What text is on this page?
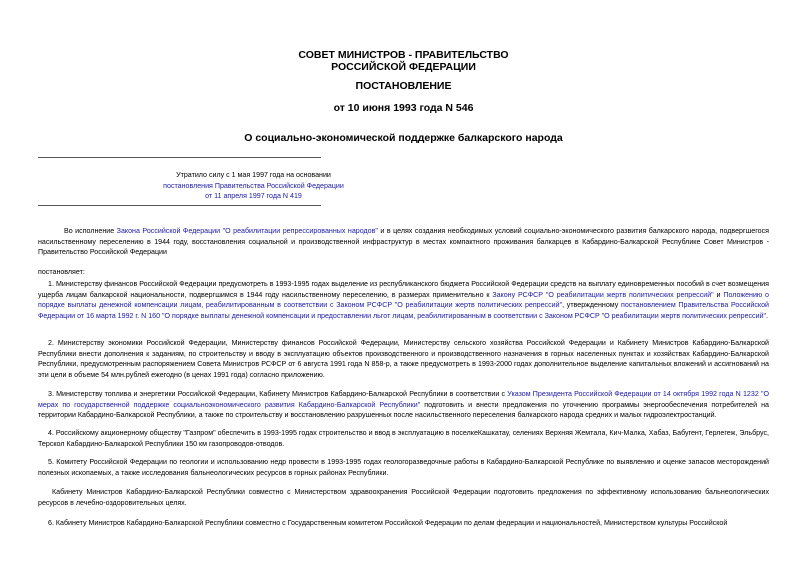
СОВЕТ МИНИСТРОВ - ПРАВИТЕЛЬСТВО
РОССИЙСКОЙ ФЕДЕРАЦИИ
ПОСТАНОВЛЕНИЕ
от 10 июня 1993 года N 546
О социально-экономической поддержке балкарского народа
Утратило силу с 1 мая 1997 года на основании
постановления Правительства Российской Федерации
от 11 апреля 1997 года N 419

Во исполнение Закона Российской Федерации "О реабилитации репрессированных народов" и в целях создания необходимых условий социально-экономического развития балкарского народа, подвергшегося насильственному переселению в 1944 году, восстановления социальной и производственной инфраструктур в местах компактного проживания балкарцев в Кабардино-Балкарской Республике Совет Министров - Правительство Российской Федерации

постановляет:

1. Министерству финансов Российской Федерации предусмотреть в 1993-1995 годах выделение из республиканского бюджета Российской Федерации средств на выплату единовременных пособий в счет возмещения ущерба лицам балкарской национальности, подвергшимся в 1944 году насильственному переселению, в размерах применительно к Закону РСФСР "О реабилитации жертв политических репрессий" и Положению о порядке выплаты денежной компенсации лицам, реабилитированным в соответствии с Законом РСФСР "О реабилитации жертв политических репрессий", утвержденному постановлением Правительства Российской Федерации от 16 марта 1992 г. N 160 "О порядке выплаты денежной компенсации и предоставлении льгот лицам, реабилитированным в соответствии с Законом РСФСР "О реабилитации жертв политических репрессий".

2. Министерству экономики Российской Федерации, Министерству финансов Российской Федерации, Министерству сельского хозяйства Российской Федерации и Кабинету Министров Кабардино-Балкарской Республики внести дополнения к заданиям, по строительству и вводу в эксплуатацию объектов производственного и производственного назначения в горных населенных пунктах и хозяйствах Кабардино-Балкарской Республики, предусмотренным распоряжением Совета Министров РСФСР от 6 августа 1991 года N 858-р, а также предусмотреть в 1993-2000 годах дополнительное выделение капитальных вложений и ассигнований на эти цели в объеме 54 млн.рублей ежегодно (в ценах 1991 года) согласно приложению.

3. Министерству топлива и энергетики Российской Федерации, Кабинету Министров Кабардино-Балкарской Республики в соответствии с Указом Президента Российской Федерации от 14 октября 1992 года N 1232 "О мерах по государственной поддержке социальноэкономического развития Кабардино-Балкарской Республики" подготовить и внести предложения по уточнению программы энергообеспечения потребителей на территории Кабардино-Балкарской Республики, а также по строительству и восстановлению разрушенных после насильственного переселения балкарского народа средних и малых гидроэлектростанций.

4. Российскому акционерному обществу "Газпром" обеспечить в 1993-1995 годах строительство и ввод в эксплуатацию в поселкеКашкатау, селениях Верхняя Жемтала, Кич-Малка, Хабаз, Бабугент, Герлегеж, Эльбрус, Терскол Кабардино-Балкарской Республики 150 км газопроводов-отводов.

5. Комитету Российской Федерации по геологии и использованию недр провести в 1993-1995 годах геологоразведочные работы в Кабардино-Балкарской Республике по выявлению и оценке запасов месторождений полезных ископаемых, а также исследования бальнеологических ресурсов в горных районах Республики.

Кабинету Министров Кабардино-Балкарской Республики совместно с Министерством здравоохранения Российской Федерации подготовить предложения по эффективному использованию бальнеологических ресурсов в лечебно-оздоровительных целях.

6. Кабинету Министров Кабардино-Балкарской Республики совместно с Государственным комитетом Российской Федерации по делам федерации и национальностей, Министерством культуры Российской
